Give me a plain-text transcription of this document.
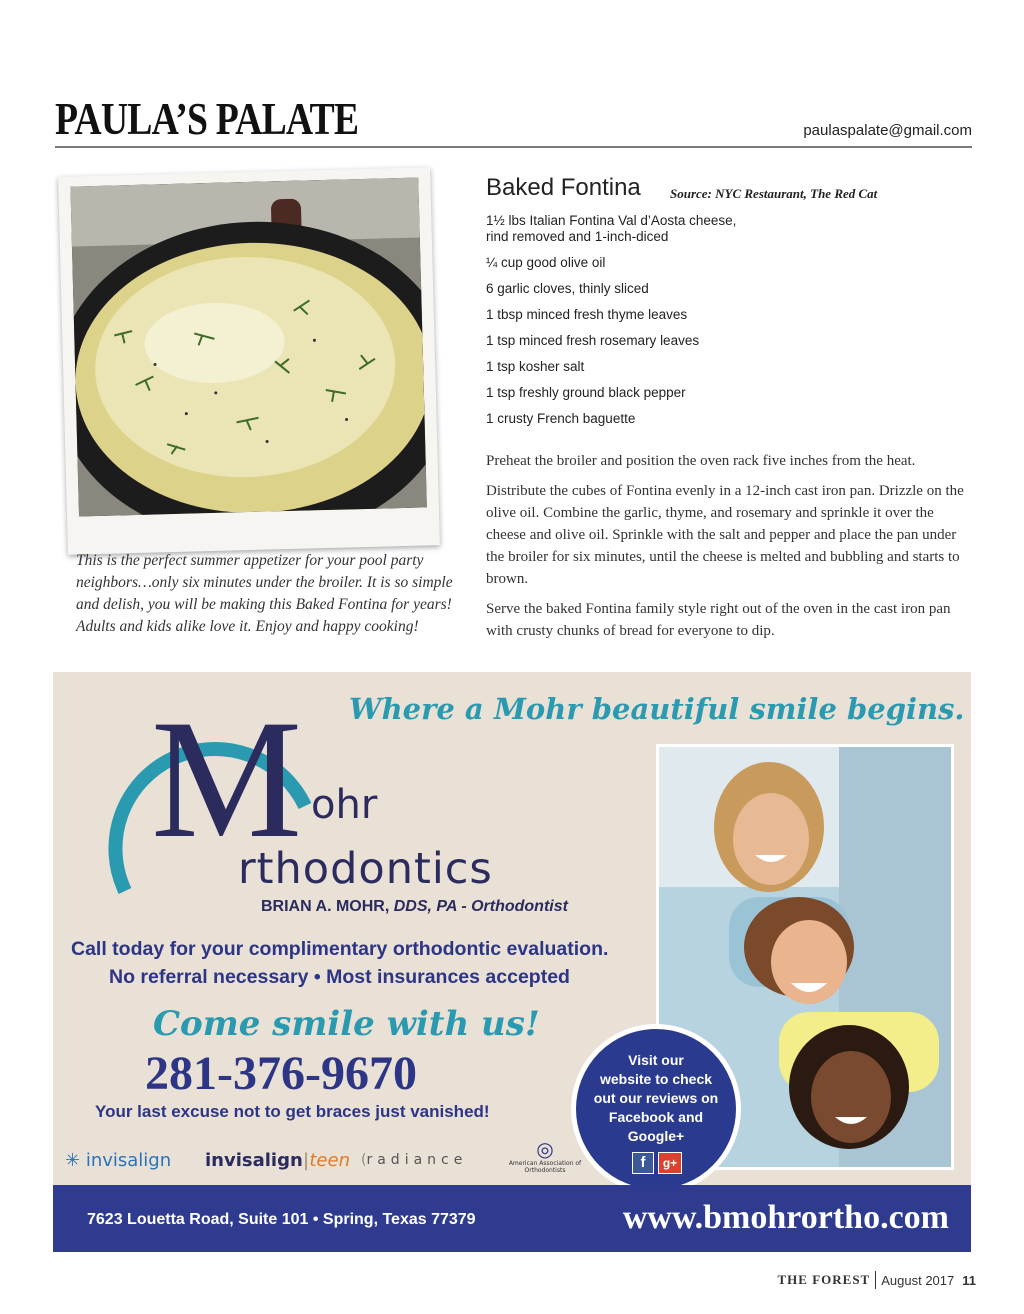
PAULA’S PALATE	paulaspalate@gmail.com
This is the perfect summer appetizer for your pool party
neighbors…only six minutes under the broiler. It is so simple
and delish, you will be making this Baked Fontina for years!
Adults and kids alike love it. Enjoy and happy cooking!
Baked Fontina Source: NYC Restaurant, The Red Cat
1½ lbs Italian Fontina Val d’Aosta cheese,
rind removed and 1-inch-diced
¼ cup good olive oil
6 garlic cloves, thinly sliced
1 tbsp minced fresh thyme leaves
1 tsp minced fresh rosemary leaves
1 tsp kosher salt
1 tsp freshly ground black pepper
1 crusty French baguette

Preheat the broiler and position the oven rack five inches from the heat.

Distribute the cubes of Fontina evenly in a 12-inch cast iron pan. Drizzle on the olive oil. Combine the garlic, thyme, and rosemary and sprinkle it over the cheese and olive oil. Sprinkle with the salt and pepper and place the pan under the broiler for six minutes, until the cheese is melted and bubbling and starts to brown.

Serve the baked Fontina family style right out of the oven in the cast iron pan with crusty chunks of bread for everyone to dip.

Where a Mohr beautiful smile begins.
M ohr
rthodontics
BRIAN A. MOHR, DDS, PA - Orthodontist
Call today for your complimentary orthodontic evaluation.
No referral necessary • Most insurances accepted
Come smile with us!
281-376-9670
Your last excuse not to get braces just vanished!
✳ invisalign invisalign|teen (radiance	◎
American Association of Orthodontists
Visit our
website to check
out our reviews on
Facebook and
Google+
f	g+
7623 Louetta Road, Suite 101 • Spring, Texas 77379	www.bmohrortho.com
THE FOREST August 2017 11
